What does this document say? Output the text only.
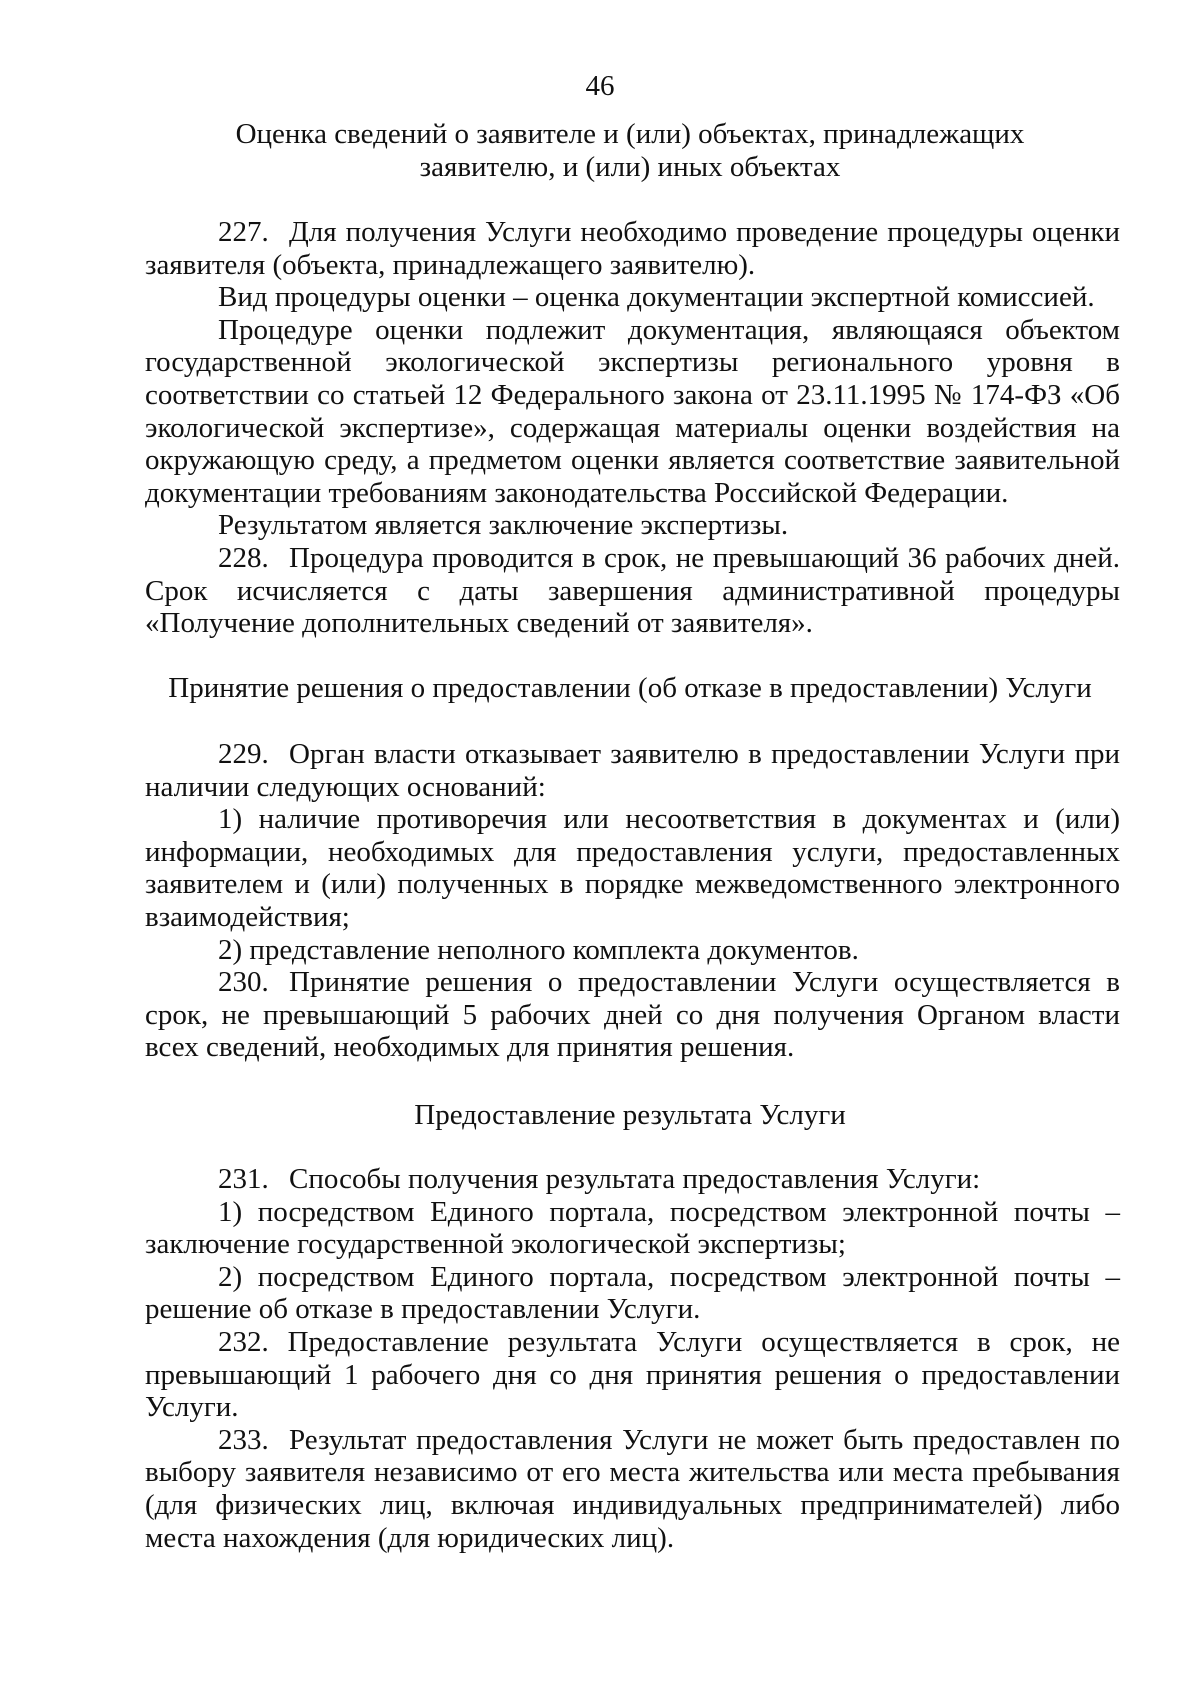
46
Оценка сведений о заявителе и (или) объектах, принадлежащих
заявителю, и (или) иных объектах

227. Для получения Услуги необходимо проведение процедуры оценки заявителя (объекта, принадлежащего заявителю).

Вид процедуры оценки – оценка документации экспертной комиссией.

Процедуре оценки подлежит документация, являющаяся объектом государственной экологической экспертизы регионального уровня в соответствии со статьей 12 Федерального закона от 23.11.1995 № 174-ФЗ «Об экологической экспертизе», содержащая материалы оценки воздействия на окружающую среду, а предметом оценки является соответствие заявительной документации требованиям законодательства Российской Федерации.

Результатом является заключение экспертизы.

228. Процедура проводится в срок, не превышающий 36 рабочих дней. Срок исчисляется с даты завершения административной процедуры «Получение дополнительных сведений от заявителя».

Принятие решения о предоставлении (об отказе в предоставлении) Услуги

229. Орган власти отказывает заявителю в предоставлении Услуги при наличии следующих оснований:

1) наличие противоречия или несоответствия в документах и (или) информации, необходимых для предоставления услуги, предоставленных заявителем и (или) полученных в порядке межведомственного электронного взаимодействия;

2) представление неполного комплекта документов.

230. Принятие решения о предоставлении Услуги осуществляется в срок, не превышающий 5 рабочих дней со дня получения Органом власти всех сведений, необходимых для принятия решения.

Предоставление результата Услуги

231. Способы получения результата предоставления Услуги:

1) посредством Единого портала, посредством электронной почты – заключение государственной экологической экспертизы;

2) посредством Единого портала, посредством электронной почты – решение об отказе в предоставлении Услуги.

232. Предоставление результата Услуги осуществляется в срок, не превышающий 1 рабочего дня со дня принятия решения о предоставлении Услуги.

233. Результат предоставления Услуги не может быть предоставлен по выбору заявителя независимо от его места жительства или места пребывания (для физических лиц, включая индивидуальных предпринимателей) либо места нахождения (для юридических лиц).
